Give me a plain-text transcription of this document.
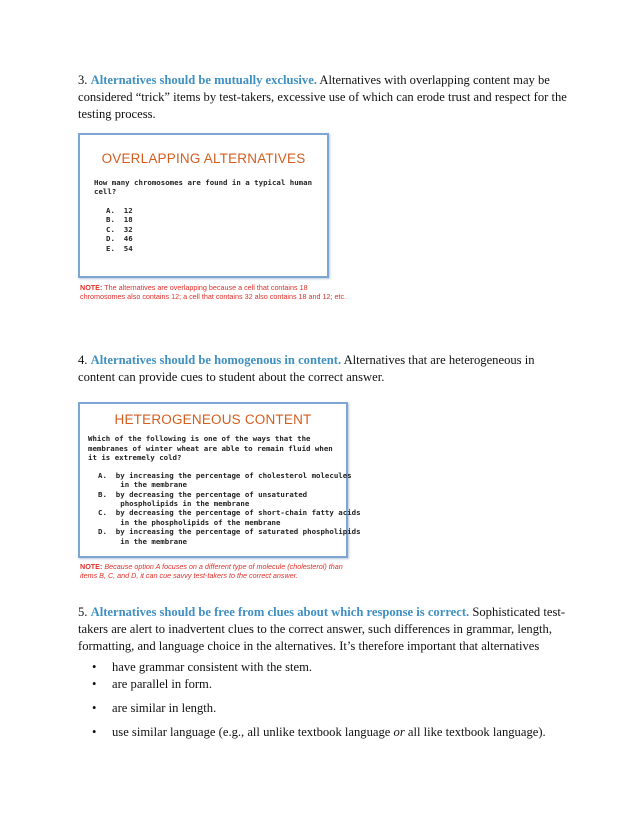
3. Alternatives should be mutually exclusive. Alternatives with overlapping content may be considered “trick” items by test-takers, excessive use of which can erode trust and respect for the testing process.
OVERLAPPING ALTERNATIVES
How many chromosomes are found in a typical human cell?
A.  12
B.  18
C.  32
D.  46
E.  54
NOTE: The alternatives are overlapping because a cell that contains 18 chromosomes also contains 12; a cell that contains 32 also contains 18 and 12; etc.
4. Alternatives should be homogenous in content. Alternatives that are heterogeneous in content can provide cues to student about the correct answer.
HETEROGENEOUS CONTENT
Which of the following is one of the ways that the membranes of winter wheat are able to remain fluid when it is extremely cold?
A.  by increasing the percentage of cholesterol molecules
in the membrane
B.  by decreasing the percentage of unsaturated
phospholipids in the membrane
C.  by decreasing the percentage of short-chain fatty acids
in the phospholipids of the membrane
D.  by increasing the percentage of saturated phospholipids
in the membrane
NOTE: Because option A focuses on a different type of molecule (cholesterol) than items B, C, and D, it can cue savvy test-takers to the correct answer.
5. Alternatives should be free from clues about which response is correct. Sophisticated test-takers are alert to inadvertent clues to the correct answer, such differences in grammar, length, formatting, and language choice in the alternatives. It’s therefore important that alternatives
• have grammar consistent with the stem.
• are parallel in form.
• are similar in length.
• use similar language (e.g., all unlike textbook language or all like textbook language).
